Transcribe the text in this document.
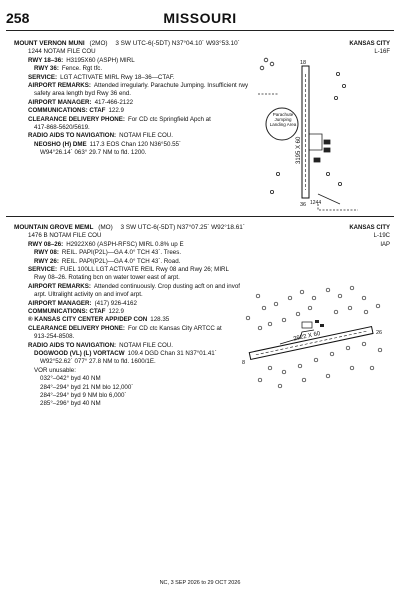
258	MISSOURI
MOUNT VERNON MUNI (2MO) 3 SW UTC-6(-5DT) N37°04.10´ W93°53.10´	KANSAS CITY
L-16F
1244 NOTAM FILE COU
RWY 18–36: H3195X60 (ASPH) MIRL
RWY 36: Fence. Rgt tfc.
SERVICE: LGT ACTIVATE MIRL Rwy 18–36—CTAF.
AIRPORT REMARKS: Attended irregularly. Parachute Jumping. Insufficient rwy
safety area length byd Rwy 36 end.
AIRPORT MANAGER: 417-466-2122
COMMUNICATIONS: CTAF 122.9
CLEARANCE DELIVERY PHONE: For CD ctc Springfield Apch at
417-868-5620/5619.
RADIO AIDS TO NAVIGATION: NOTAM FILE COU.
NEOSHO (H) DME 117.3 EOS Chan 120 N36°50.55´
W94°26.14´ 063° 29.7 NM to fld. 1200.	3195 X 60
18
36 1244
Parachute Jumping Landing Area
MOUNTAIN GROVE MEML (MO) 3 SW UTC-6(-5DT) N37°07.25´ W92°18.61´	KANSAS CITY
L-19C
IAP
1476 B NOTAM FILE COU
RWY 08–26: H2922X60 (ASPH-RFSC) MIRL 0.8% up E
RWY 08: REIL. PAPI(P2L)—GA 4.0° TCH 43´. Trees.
RWY 26: REIL. PAPI(P2L)—GA 4.0° TCH 43´. Road.
SERVICE: FUEL 100LL LGT ACTIVATE REIL Rwy 08 and Rwy 26; MIRL
Rwy 08–26. Rotating bcn on water tower east of arpt.
AIRPORT REMARKS: Attended continuously. Crop dusting acft on and invof
arpt. Ultralight activity on and invof arpt.
AIRPORT MANAGER: (417) 926-4162
COMMUNICATIONS: CTAF 122.9
® KANSAS CITY CENTER APP/DEP CON 128.35
CLEARANCE DELIVERY PHONE: For CD ctc Kansas City ARTCC at
913-254-8508.
RADIO AIDS TO NAVIGATION: NOTAM FILE COU.
DOGWOOD (VL) (L) VORTACW 109.4 DGD Chan 31 N37°01.41´
W92°52.62´ 077° 27.8 NM to fld. 1600/1E.
VOR unusable:
032°–042° byd 40 NM
284°–294° byd 21 NM blo 12,000´
284°–294° byd 9 NM blo 6,000´
285°–296° byd 40 NM
2922 X 60
8
26
NC, 3 SEP 2026 to 29 OCT 2026
